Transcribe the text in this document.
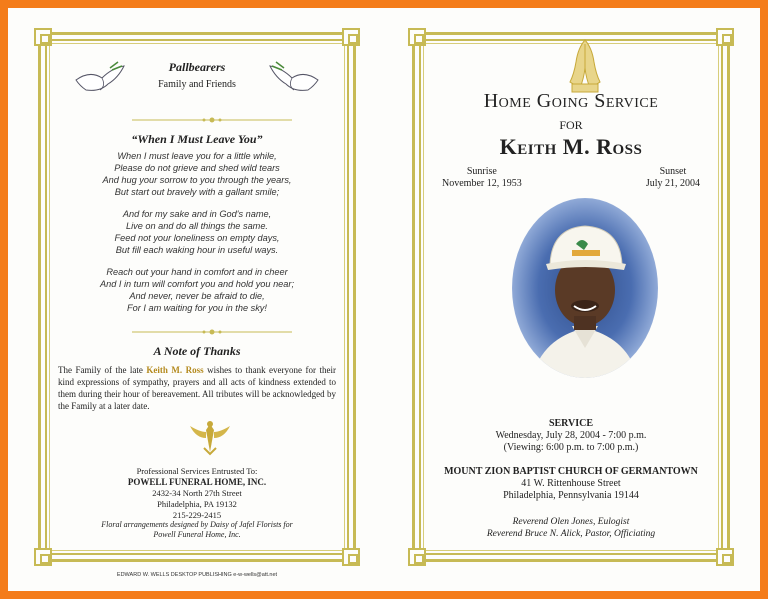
Pallbearers
Family and Friends
“When I Must Leave You”
When I must leave you for a little while,
Please do not grieve and shed wild tears
And hug your sorrow to you through the years,
But start out bravely with a gallant smile;
And for my sake and in God's name,
Live on and do all things the same.
Feed not your loneliness on empty days,
But fill each waking hour in useful ways.
Reach out your hand in comfort and in cheer
And I in turn will comfort you and hold you near;
And never, never be afraid to die,
For I am waiting for you in the sky!
A Note of Thanks
The Family of the late Keith M. Ross wishes to thank everyone for their kind expressions of sympathy, prayers and all acts of kindness extended to them during their hour of bereavement. All tributes will be acknowledged by the Family at a later date.
Professional Services Entrusted To:
POWELL FUNERAL HOME, INC.
2432-34 North 27th Street
Philadelphia, PA 19132
215-229-2415
Floral arrangements designed by Daisy of Jafel Florists for
Powell Funeral Home, Inc.
EDWARD W. WELLS DESKTOP PUBLISHING e-w-wells@att.net
Home Going Service
FOR
Keith M. Ross
Sunrise
November 12, 1953
Sunset
July 21, 2004
SERVICE
Wednesday, July 28, 2004 - 7:00 p.m.
(Viewing: 6:00 p.m. to 7:00 p.m.)
MOUNT ZION BAPTIST CHURCH OF GERMANTOWN
41 W. Rittenhouse Street
Philadelphia, Pennsylvania 19144
Reverend Olen Jones, Eulogist
Reverend Bruce N. Alick, Pastor, Officiating
